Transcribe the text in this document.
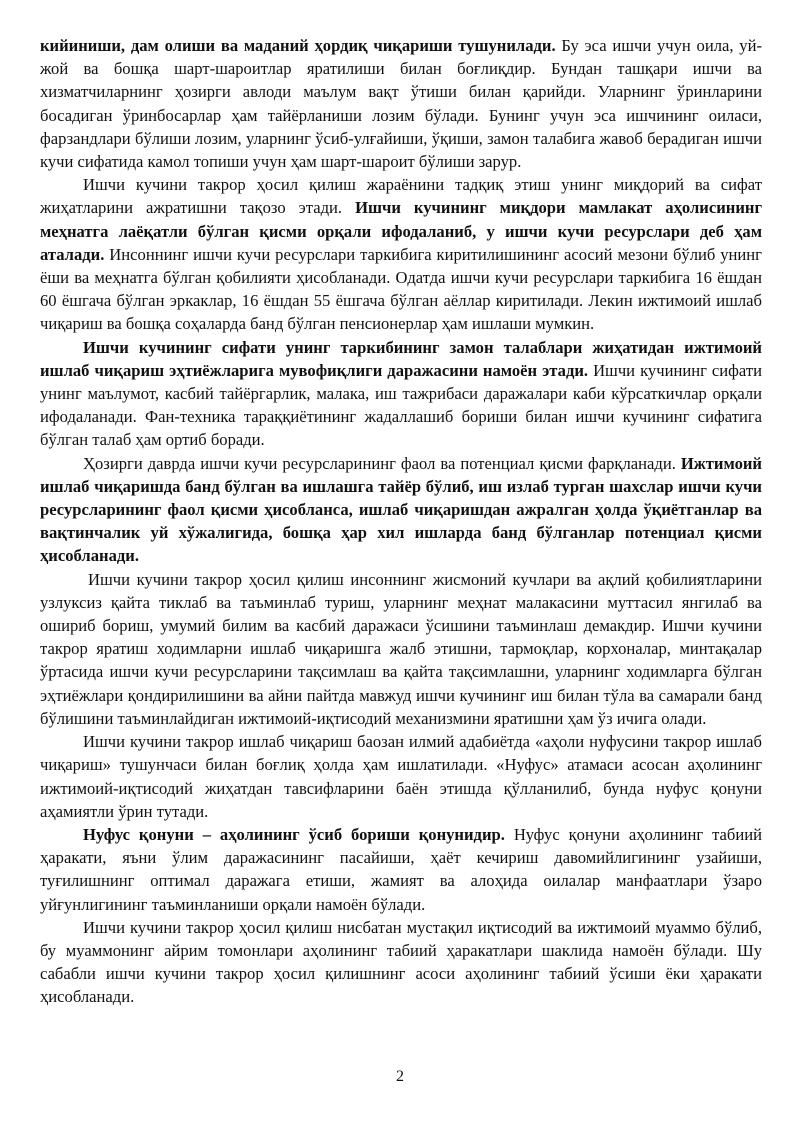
кийиниши, дам олиши ва маданий ҳордиқ чиқариши тушунилади. Бу эса ишчи учун оила, уй-жой ва бошқа шарт-шароитлар яратилиши билан боғлиқдир. Бундан ташқари ишчи ва хизматчиларнинг ҳозирги авлоди маълум вақт ўтиши билан қарийди. Уларнинг ўринларини босадиган ўринбосарлар ҳам тайёрланиши лозим бўлади. Бунинг учун эса ишчининг оиласи, фарзандлари бўлиши лозим, уларнинг ўсиб-улғайиши, ўқиши, замон талабига жавоб берадиган ишчи кучи сифатида камол топиши учун ҳам шарт-шароит бўлиши зарур.

Ишчи кучини такрор ҳосил қилиш жараёнини тадқиқ этиш унинг миқдорий ва сифат жиҳатларини ажратишни тақозо этади. Ишчи кучининг миқдори мамлакат аҳолисининг меҳнатга лаёқатли бўлган қисми орқали ифодаланиб, у ишчи кучи ресурслари деб ҳам аталади. Инсоннинг ишчи кучи ресурслари таркибига киритилишининг асосий мезони бўлиб унинг ёши ва меҳнатга бўлган қобилияти ҳисобланади. Одатда ишчи кучи ресурслари таркибига 16 ёшдан 60 ёшгача бўлган эркаклар, 16 ёшдан 55 ёшгача бўлган аёллар киритилади. Лекин ижтимоий ишлаб чиқариш ва бошқа соҳаларда банд бўлган пенсионерлар ҳам ишлаши мумкин.

Ишчи кучининг сифати унинг таркибининг замон талаблари жиҳатидан ижтимоий ишлаб чиқариш эҳтиёжларига мувофиқлиги даражасини намоён этади. Ишчи кучининг сифати унинг маълумот, касбий тайёргарлик, малака, иш тажрибаси даражалари каби кўрсаткичлар орқали ифодаланади. Фан-техника тараққиётининг жадаллашиб бориши билан ишчи кучининг сифатига бўлган талаб ҳам ортиб боради.

Ҳозирги даврда ишчи кучи ресурсларининг фаол ва потенциал қисми фарқланади. Ижтимоий ишлаб чиқаришда банд бўлган ва ишлашга тайёр бўлиб, иш излаб турган шахслар ишчи кучи ресурсларининг фаол қисми ҳисобланса, ишлаб чиқаришдан ажралган ҳолда ўқиётганлар ва вақтинчалик уй хўжалигида, бошқа ҳар хил ишларда банд бўлганлар потенциал қисми ҳисобланади.

Ишчи кучини такрор ҳосил қилиш инсоннинг жисмоний кучлари ва ақлий қобилиятларини узлуксиз қайта тиклаб ва таъминлаб туриш, уларнинг меҳнат малакасини муттасил янгилаб ва ошириб бориш, умумий билим ва касбий даражаси ўсишини таъминлаш демакдир. Ишчи кучини такрор яратиш ходимларни ишлаб чиқаришга жалб этишни, тармоқлар, корхоналар, минтақалар ўртасида ишчи кучи ресурсларини тақсимлаш ва қайта тақсимлашни, уларнинг ходимларга бўлган эҳтиёжлари қондирилишини ва айни пайтда мавжуд ишчи кучининг иш билан тўла ва самарали банд бўлишини таъминлайдиган ижтимоий-иқтисодий механизмини яратишни ҳам ўз ичига олади.

Ишчи кучини такрор ишлаб чиқариш баозан илмий адабиётда «аҳоли нуфусини такрор ишлаб чиқариш» тушунчаси билан боғлиқ ҳолда ҳам ишлатилади. «Нуфус» атамаси асосан аҳолининг ижтимоий-иқтисодий жиҳатдан тавсифларини баён этишда қўлланилиб, бунда нуфус қонуни аҳамиятли ўрин тутади.

Нуфус қонуни – аҳолининг ўсиб бориши қонунидир. Нуфус қонуни аҳолининг табиий ҳаракати, яъни ўлим даражасининг пасайиши, ҳаёт кечириш давомийлигининг узайиши, туғилишнинг оптимал даражага етиши, жамият ва алоҳида оилалар манфаатлари ўзаро уйғунлигининг таъминланиши орқали намоён бўлади.

Ишчи кучини такрор ҳосил қилиш нисбатан мустақил иқтисодий ва ижтимоий муаммо бўлиб, бу муаммонинг айрим томонлари аҳолининг табиий ҳаракатлари шаклида намоён бўлади. Шу сабабли ишчи кучини такрор ҳосил қилишнинг асоси аҳолининг табиий ўсиши ёки ҳаракати ҳисобланади.

2
